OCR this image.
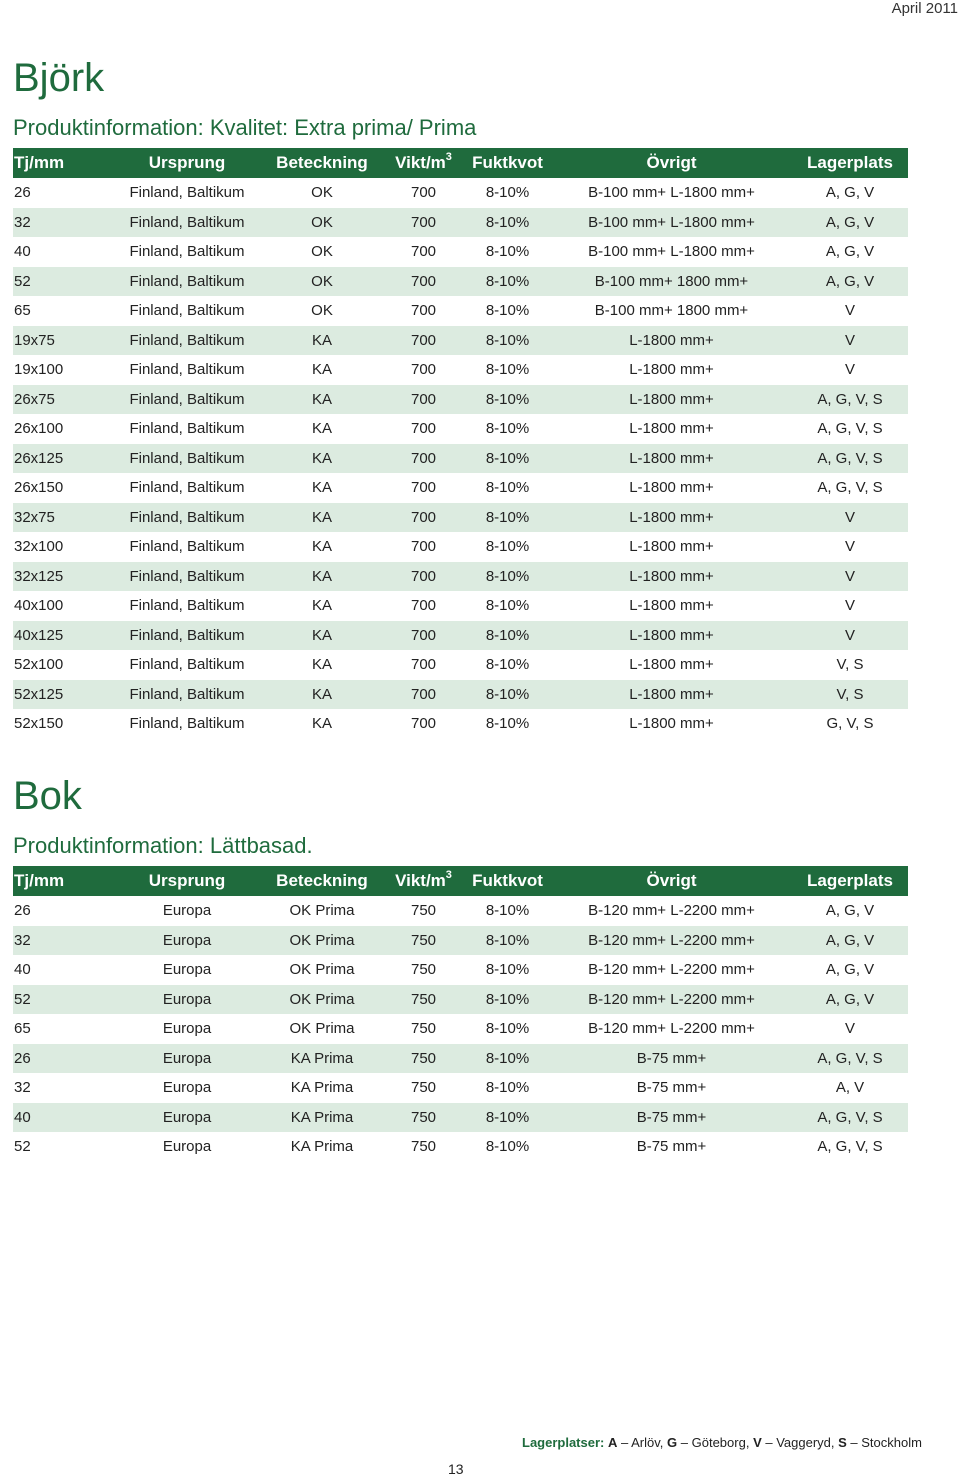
April 2011
Björk
Produktinformation: Kvalitet: Extra prima/ Prima
Tj/mm	Ursprung	Beteckning	Vikt/$m^3$	Fuktkvot	Övrigt	Lagerplats
26	Finland, Baltikum	OK	700	8-10%	B-100 mm+ L-1800 mm+	A, G, V
32	Finland, Baltikum	OK	700	8-10%	B-100 mm+ L-1800 mm+	A, G, V
40	Finland, Baltikum	OK	700	8-10%	B-100 mm+ L-1800 mm+	A, G, V
52	Finland, Baltikum	OK	700	8-10%	B-100 mm+ 1800 mm+	A, G, V
65	Finland, Baltikum	OK	700	8-10%	B-100 mm+ 1800 mm+	V
19x75	Finland, Baltikum	KA	700	8-10%	L-1800 mm+	V
19x100	Finland, Baltikum	KA	700	8-10%	L-1800 mm+	V
26x75	Finland, Baltikum	KA	700	8-10%	L-1800 mm+	A, G, V, S
26x100	Finland, Baltikum	KA	700	8-10%	L-1800 mm+	A, G, V, S
26x125	Finland, Baltikum	KA	700	8-10%	L-1800 mm+	A, G, V, S
26x150	Finland, Baltikum	KA	700	8-10%	L-1800 mm+	A, G, V, S
32x75	Finland, Baltikum	KA	700	8-10%	L-1800 mm+	V
32x100	Finland, Baltikum	KA	700	8-10%	L-1800 mm+	V
32x125	Finland, Baltikum	KA	700	8-10%	L-1800 mm+	V
40x100	Finland, Baltikum	KA	700	8-10%	L-1800 mm+	V
40x125	Finland, Baltikum	KA	700	8-10%	L-1800 mm+	V
52x100	Finland, Baltikum	KA	700	8-10%	L-1800 mm+	V, S
52x125	Finland, Baltikum	KA	700	8-10%	L-1800 mm+	V, S
52x150	Finland, Baltikum	KA	700	8-10%	L-1800 mm+	G, V, S
Bok
Produktinformation: Lättbasad.
Tj/mm	Ursprung	Beteckning	Vikt/$m^3$	Fuktkvot	Övrigt	Lagerplats
26	Europa	OK Prima	750	8-10%	B-120 mm+ L-2200 mm+	A, G, V
32	Europa	OK Prima	750	8-10%	B-120 mm+ L-2200 mm+	A, G, V
40	Europa	OK Prima	750	8-10%	B-120 mm+ L-2200 mm+	A, G, V
52	Europa	OK Prima	750	8-10%	B-120 mm+ L-2200 mm+	A, G, V
65	Europa	OK Prima	750	8-10%	B-120 mm+ L-2200 mm+	V
26	Europa	KA Prima	750	8-10%	B-75 mm+	A, G, V, S
32	Europa	KA Prima	750	8-10%	B-75 mm+	A, V
40	Europa	KA Prima	750	8-10%	B-75 mm+	A, G, V, S
52	Europa	KA Prima	750	8-10%	B-75 mm+	A, G, V, S
Lagerplatser: A – Arlöv, G – Göteborg, V – Vaggeryd, S – Stockholm
13
